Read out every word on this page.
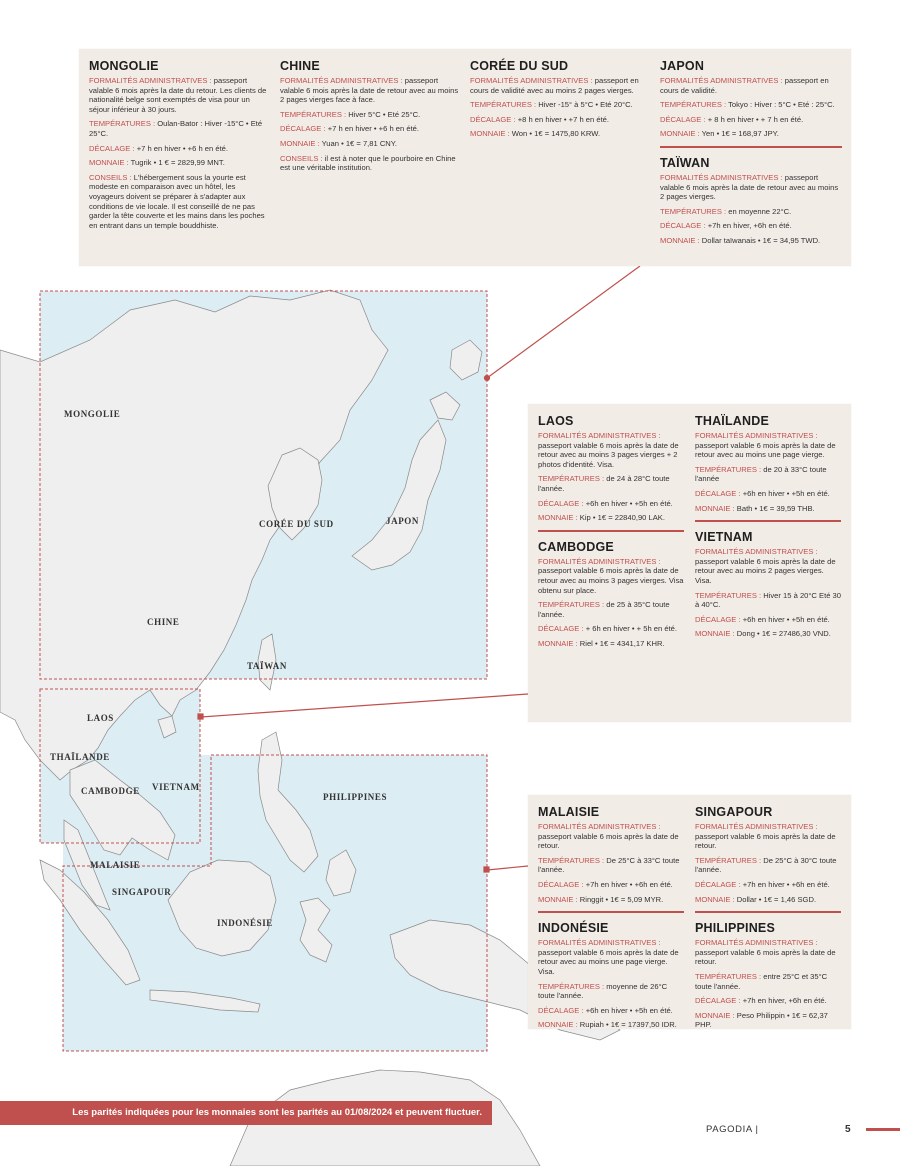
MONGOLIE
CHINE
CORÉE DU SUD	JAPON
TAÏWAN
LAOS
THAÏLANDE
CAMBODGE VIETNAM
PHILIPPINES
MALAISIE
SINGAPOUR
INDONÉSIE
MONGOLIE
FORMALITÉS ADMINISTRATIVES : passeport valable 6 mois après la date du retour. Les clients de nationalité belge sont exemptés de visa pour un séjour inférieur à 30 jours.
TEMPÉRATURES : Oulan-Bator : Hiver -15°C • Eté 25°C.
DÉCALAGE : +7 h en hiver • +6 h en été.
MONNAIE : Tugrik • 1 € = 2829,99 MNT.
CONSEILS : L'hébergement sous la yourte est modeste en comparaison avec un hôtel, les voyageurs doivent se préparer à s'adapter aux conditions de vie locale. Il est conseillé de ne pas garder la tête couverte et les mains dans les poches en entrant dans un temple bouddhiste.
CHINE
FORMALITÉS ADMINISTRATIVES : passeport valable 6 mois après la date de retour avec au moins 2 pages vierges face à face.
TEMPÉRATURES : Hiver 5°C • Eté 25°C.
DÉCALAGE : +7 h en hiver • +6 h en été.
MONNAIE : Yuan • 1€ = 7,81 CNY.
CONSEILS : il est à noter que le pourboire en Chine est une véritable institution.
CORÉE DU SUD
FORMALITÉS ADMINISTRATIVES : passeport en cours de validité avec au moins 2 pages vierges.
TEMPÉRATURES : Hiver -15° à 5°C • Eté 20°C.
DÉCALAGE : +8 h en hiver • +7 h en été.
MONNAIE : Won • 1€ = 1475,80 KRW.
JAPON
FORMALITÉS ADMINISTRATIVES : passeport en cours de validité.
TEMPÉRATURES : Tokyo : Hiver : 5°C • Eté : 25°C.
DÉCALAGE : + 8 h en hiver • + 7 h en été.
MONNAIE : Yen • 1€ = 168,97 JPY.
TAÏWAN
FORMALITÉS ADMINISTRATIVES : passeport valable 6 mois après la date de retour avec au moins 2 pages vierges.
TEMPÉRATURES : en moyenne 22°C.
DÉCALAGE : +7h en hiver, +6h en été.
MONNAIE : Dollar taïwanais • 1€ = 34,95 TWD.
LAOS
FORMALITÉS ADMINISTRATIVES : passeport valable 6 mois après la date de retour avec au moins 3 pages vierges + 2 photos d'identité. Visa.
TEMPÉRATURES : de 24 à 28°C toute l'année.
DÉCALAGE : +6h en hiver • +5h en été.
MONNAIE : Kip • 1€ = 22840,90 LAK.
CAMBODGE
FORMALITÉS ADMINISTRATIVES : passeport valable 6 mois après la date de retour avec au moins 3 pages vierges. Visa obtenu sur place.
TEMPÉRATURES : de 25 à 35°C toute l'année.
DÉCALAGE : + 6h en hiver • + 5h en été.
MONNAIE : Riel • 1€ = 4341,17 KHR.
THAÏLANDE
FORMALITÉS ADMINISTRATIVES : passeport valable 6 mois après la date de retour avec au moins une page vierge.
TEMPÉRATURES : de 20 à 33°C toute l'année
DÉCALAGE : +6h en hiver • +5h en été.
MONNAIE : Bath • 1€ = 39,59 THB.
VIETNAM
FORMALITÉS ADMINISTRATIVES : passeport valable 6 mois après la date de retour avec au moins 2 pages vierges. Visa.
TEMPÉRATURES : Hiver 15 à 20°C Eté 30 à 40°C.
DÉCALAGE : +6h en hiver • +5h en été.
MONNAIE : Dong • 1€ = 27486,30 VND.
MALAISIE
FORMALITÉS ADMINISTRATIVES : passeport valable 6 mois après la date de retour.
TEMPÉRATURES : De 25°C à 33°C toute l'année.
DÉCALAGE : +7h en hiver • +6h en été.
MONNAIE : Ringgit • 1€ = 5,09 MYR.
INDONÉSIE
FORMALITÉS ADMINISTRATIVES : passeport valable 6 mois après la date de retour avec au moins une page vierge. Visa.
TEMPÉRATURES : moyenne de 26°C toute l'année.
DÉCALAGE : +6h en hiver • +5h en été.
MONNAIE : Rupiah • 1€ = 17397,50 IDR.
SINGAPOUR
FORMALITÉS ADMINISTRATIVES : passeport valable 6 mois après la date de retour.
TEMPÉRATURES : De 25°C à 30°C toute l'année.
DÉCALAGE : +7h en hiver • +6h en été.
MONNAIE : Dollar • 1€ = 1,46 SGD.
PHILIPPINES
FORMALITÉS ADMINISTRATIVES : passeport valable 6 mois après la date de retour.
TEMPÉRATURES : entre 25°C et 35°C toute l'année.
DÉCALAGE : +7h en hiver, +6h en été.
MONNAIE : Peso Philippin • 1€ = 62,37 PHP.
Les parités indiquées pour les monnaies sont les parités au 01/08/2024 et peuvent fluctuer.
PAGODIA |	5
